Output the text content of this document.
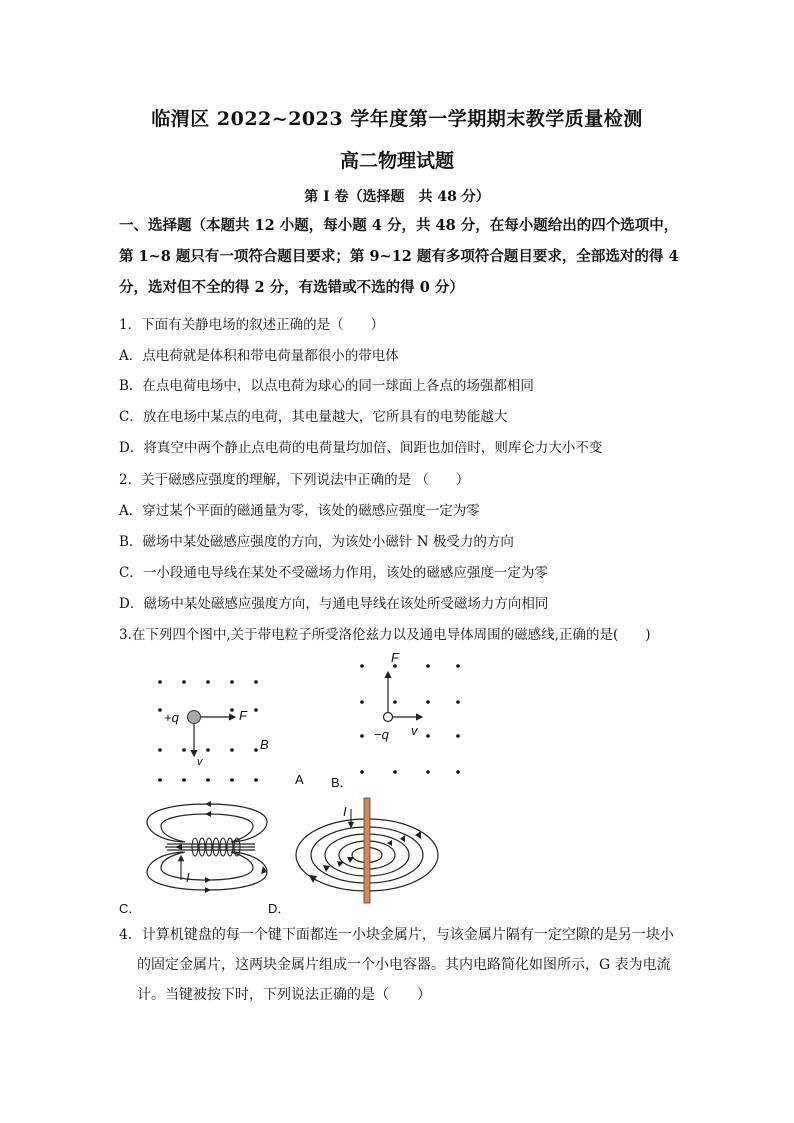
临渭区 2022~2023 学年度第一学期期末教学质量检测
高二物理试题
第 I 卷（选择题　共 48 分）
一、选择题（本题共 12 小题，每小题 4 分，共 48 分，在每小题给出的四个选项中，第 1~8 题只有一项符合题目要求；第 9~12 题有多项符合题目要求，全部选对的得 4 分，选对但不全的得 2 分，有选错或不选的得 0 分）
1．下面有关静电场的叙述正确的是（　　）
A．点电荷就是体积和带电荷量都很小的带电体
B．在点电荷电场中，以点电荷为球心的同一球面上各点的场强都相同
C．放在电场中某点的电荷，其电量越大，它所具有的电势能越大
D．将真空中两个静止点电荷的电荷量均加倍、间距也加倍时，则库仑力大小不变
2．关于磁感应强度的理解，下列说法中正确的是 （　　）
A．穿过某个平面的磁通量为零，该处的磁感应强度一定为零
B．磁场中某处磁感应强度的方向，为该处小磁针 N 极受力的方向
C．一小段通电导线在某处不受磁场力作用，该处的磁感应强度一定为零
D．磁场中某处磁感应强度方向，与通电导线在该处所受磁场力方向相同
3.在下列四个图中,关于带电粒子所受洛伦兹力以及通电导体周围的磁感线,正确的是(　　)
+q	F
v
B
A
F
−q v
B．
I
C．
I
D．
4．计算机键盘的每一个键下面都连一小块金属片，与该金属片隔有一定空隙的是另一块小
的固定金属片，这两块金属片组成一个小电容器。其内电路简化如图所示，G 表为电流
计。当键被按下时，下列说法正确的是（　　）
